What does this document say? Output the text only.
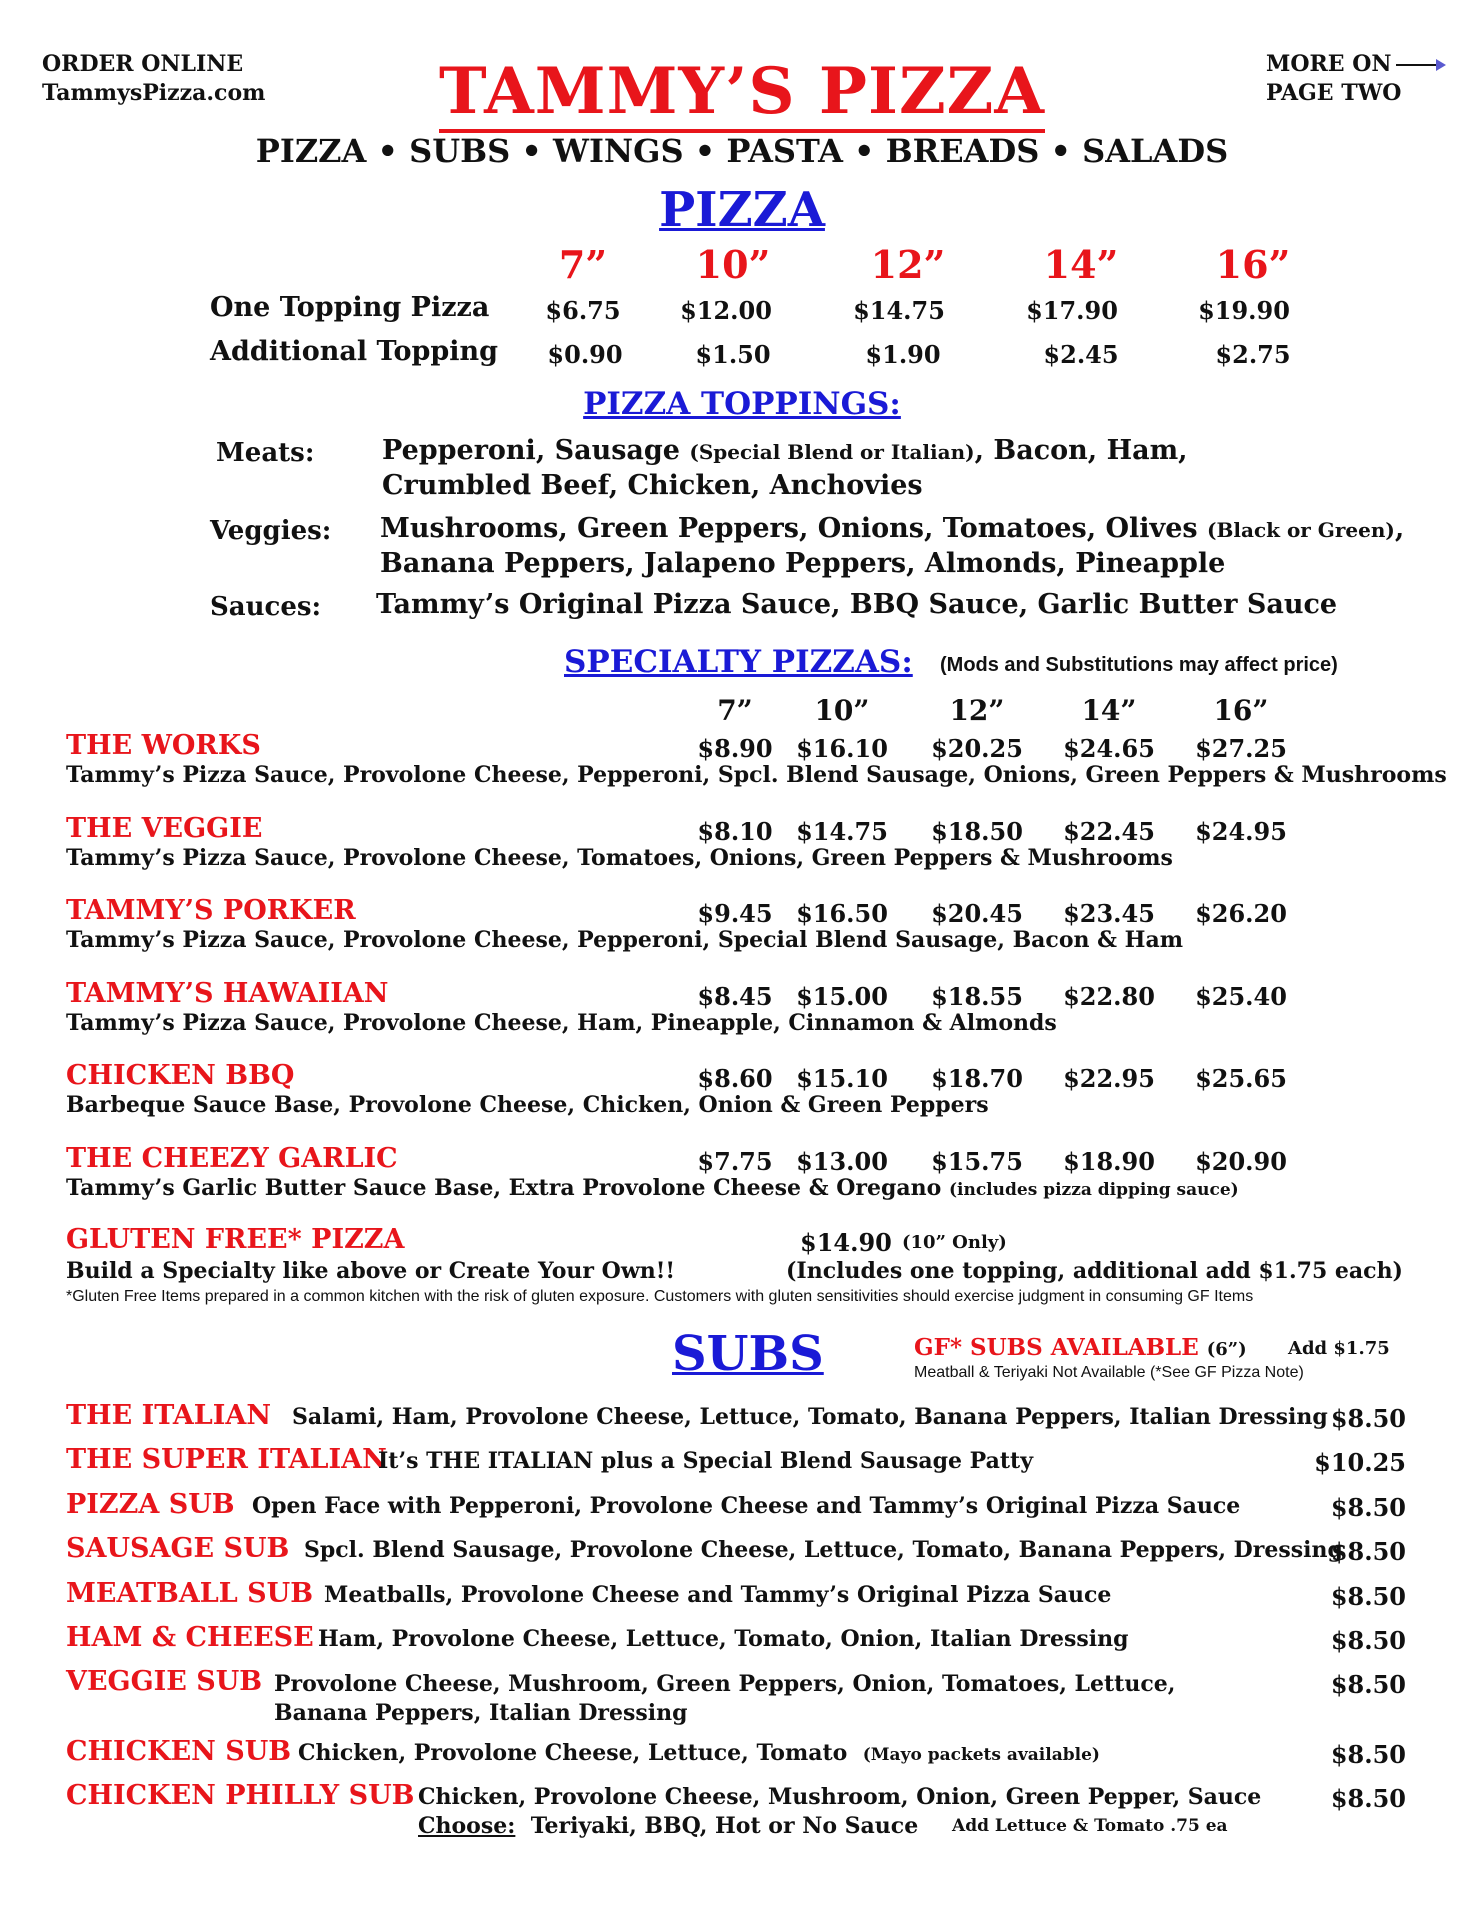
ORDER ONLINE
TammysPizza.com
MORE ON
PAGE TWO
TAMMY’S PIZZA
PIZZA • SUBS • WINGS • PASTA • BREADS • SALADS
PIZZA
7”	10”	12”	14”	16”
One Topping Pizza	$6.75	$12.00	$14.75	$17.90	$19.90
Additional Topping	$0.90	$1.50	$1.90	$2.45	$2.75
PIZZA TOPPINGS:
Meats:	Pepperoni, Sausage (Special Blend or Italian), Bacon, Ham,
Crumbled Beef, Chicken, Anchovies
Veggies: Mushrooms, Green Peppers, Onions, Tomatoes, Olives (Black or Green),
Banana Peppers, Jalapeno Peppers, Almonds, Pineapple
Sauces: Tammy’s Original Pizza Sauce, BBQ Sauce, Garlic Butter Sauce
SPECIALTY PIZZAS: (Mods and Substitutions may affect price)
7”	10”	12”	14”	16”
THE WORKS	$8.90 $16.10	$20.25	$24.65	$27.25
Tammy’s Pizza Sauce, Provolone Cheese, Pepperoni, Spcl. Blend Sausage, Onions, Green Peppers & Mushrooms
THE VEGGIE	$8.10 $14.75	$18.50	$22.45	$24.95
Tammy’s Pizza Sauce, Provolone Cheese, Tomatoes, Onions, Green Peppers & Mushrooms
TAMMY’S PORKER	$9.45 $16.50	$20.45	$23.45	$26.20
Tammy’s Pizza Sauce, Provolone Cheese, Pepperoni, Special Blend Sausage, Bacon & Ham
TAMMY’S HAWAIIAN	$8.45 $15.00	$18.55	$22.80	$25.40
Tammy’s Pizza Sauce, Provolone Cheese, Ham, Pineapple, Cinnamon & Almonds
CHICKEN BBQ	$8.60 $15.10	$18.70	$22.95	$25.65
Barbeque Sauce Base, Provolone Cheese, Chicken, Onion & Green Peppers
THE CHEEZY GARLIC	$7.75 $13.00	$15.75	$18.90	$20.90
Tammy’s Garlic Butter Sauce Base, Extra Provolone Cheese & Oregano (includes pizza dipping sauce)
GLUTEN FREE* PIZZA	$14.90 (10” Only)
Build a Specialty like above or Create Your Own!!	(Includes one topping, additional add $1.75 each)
*Gluten Free Items prepared in a common kitchen with the risk of gluten exposure. Customers with gluten sensitivities should exercise judgment in consuming GF Items
SUBS	GF* SUBS AVAILABLE (6”) Add $1.75
Meatball & Teriyaki Not Available (*See GF Pizza Note)
THE ITALIAN Salami, Ham, Provolone Cheese, Lettuce, Tomato, Banana Peppers, Italian Dressing $8.50
THE SUPER ITALIAN
It’s THE ITALIAN plus a Special Blend Sausage Patty	$10.25
PIZZA SUB Open Face with Pepperoni, Provolone Cheese and Tammy’s Original Pizza Sauce	$8.50
SAUSAGE SUB Spcl. Blend Sausage, Provolone Cheese, Lettuce, Tomato, Banana Peppers, Dressing
$8.50
MEATBALL SUB Meatballs, Provolone Cheese and Tammy’s Original Pizza Sauce	$8.50
HAM & CHEESE Ham, Provolone Cheese, Lettuce, Tomato, Onion, Italian Dressing	$8.50
VEGGIE SUB Provolone Cheese, Mushroom, Green Peppers, Onion, Tomatoes, Lettuce,
Banana Peppers, Italian Dressing
$8.50
CHICKEN SUB Chicken, Provolone Cheese, Lettuce, Tomato (Mayo packets available)	$8.50
CHICKEN PHILLY SUB Chicken, Provolone Cheese, Mushroom, Onion, Green Pepper, Sauce	$8.50
Choose: Teriyaki, BBQ, Hot or No Sauce Add Lettuce & Tomato .75 ea
